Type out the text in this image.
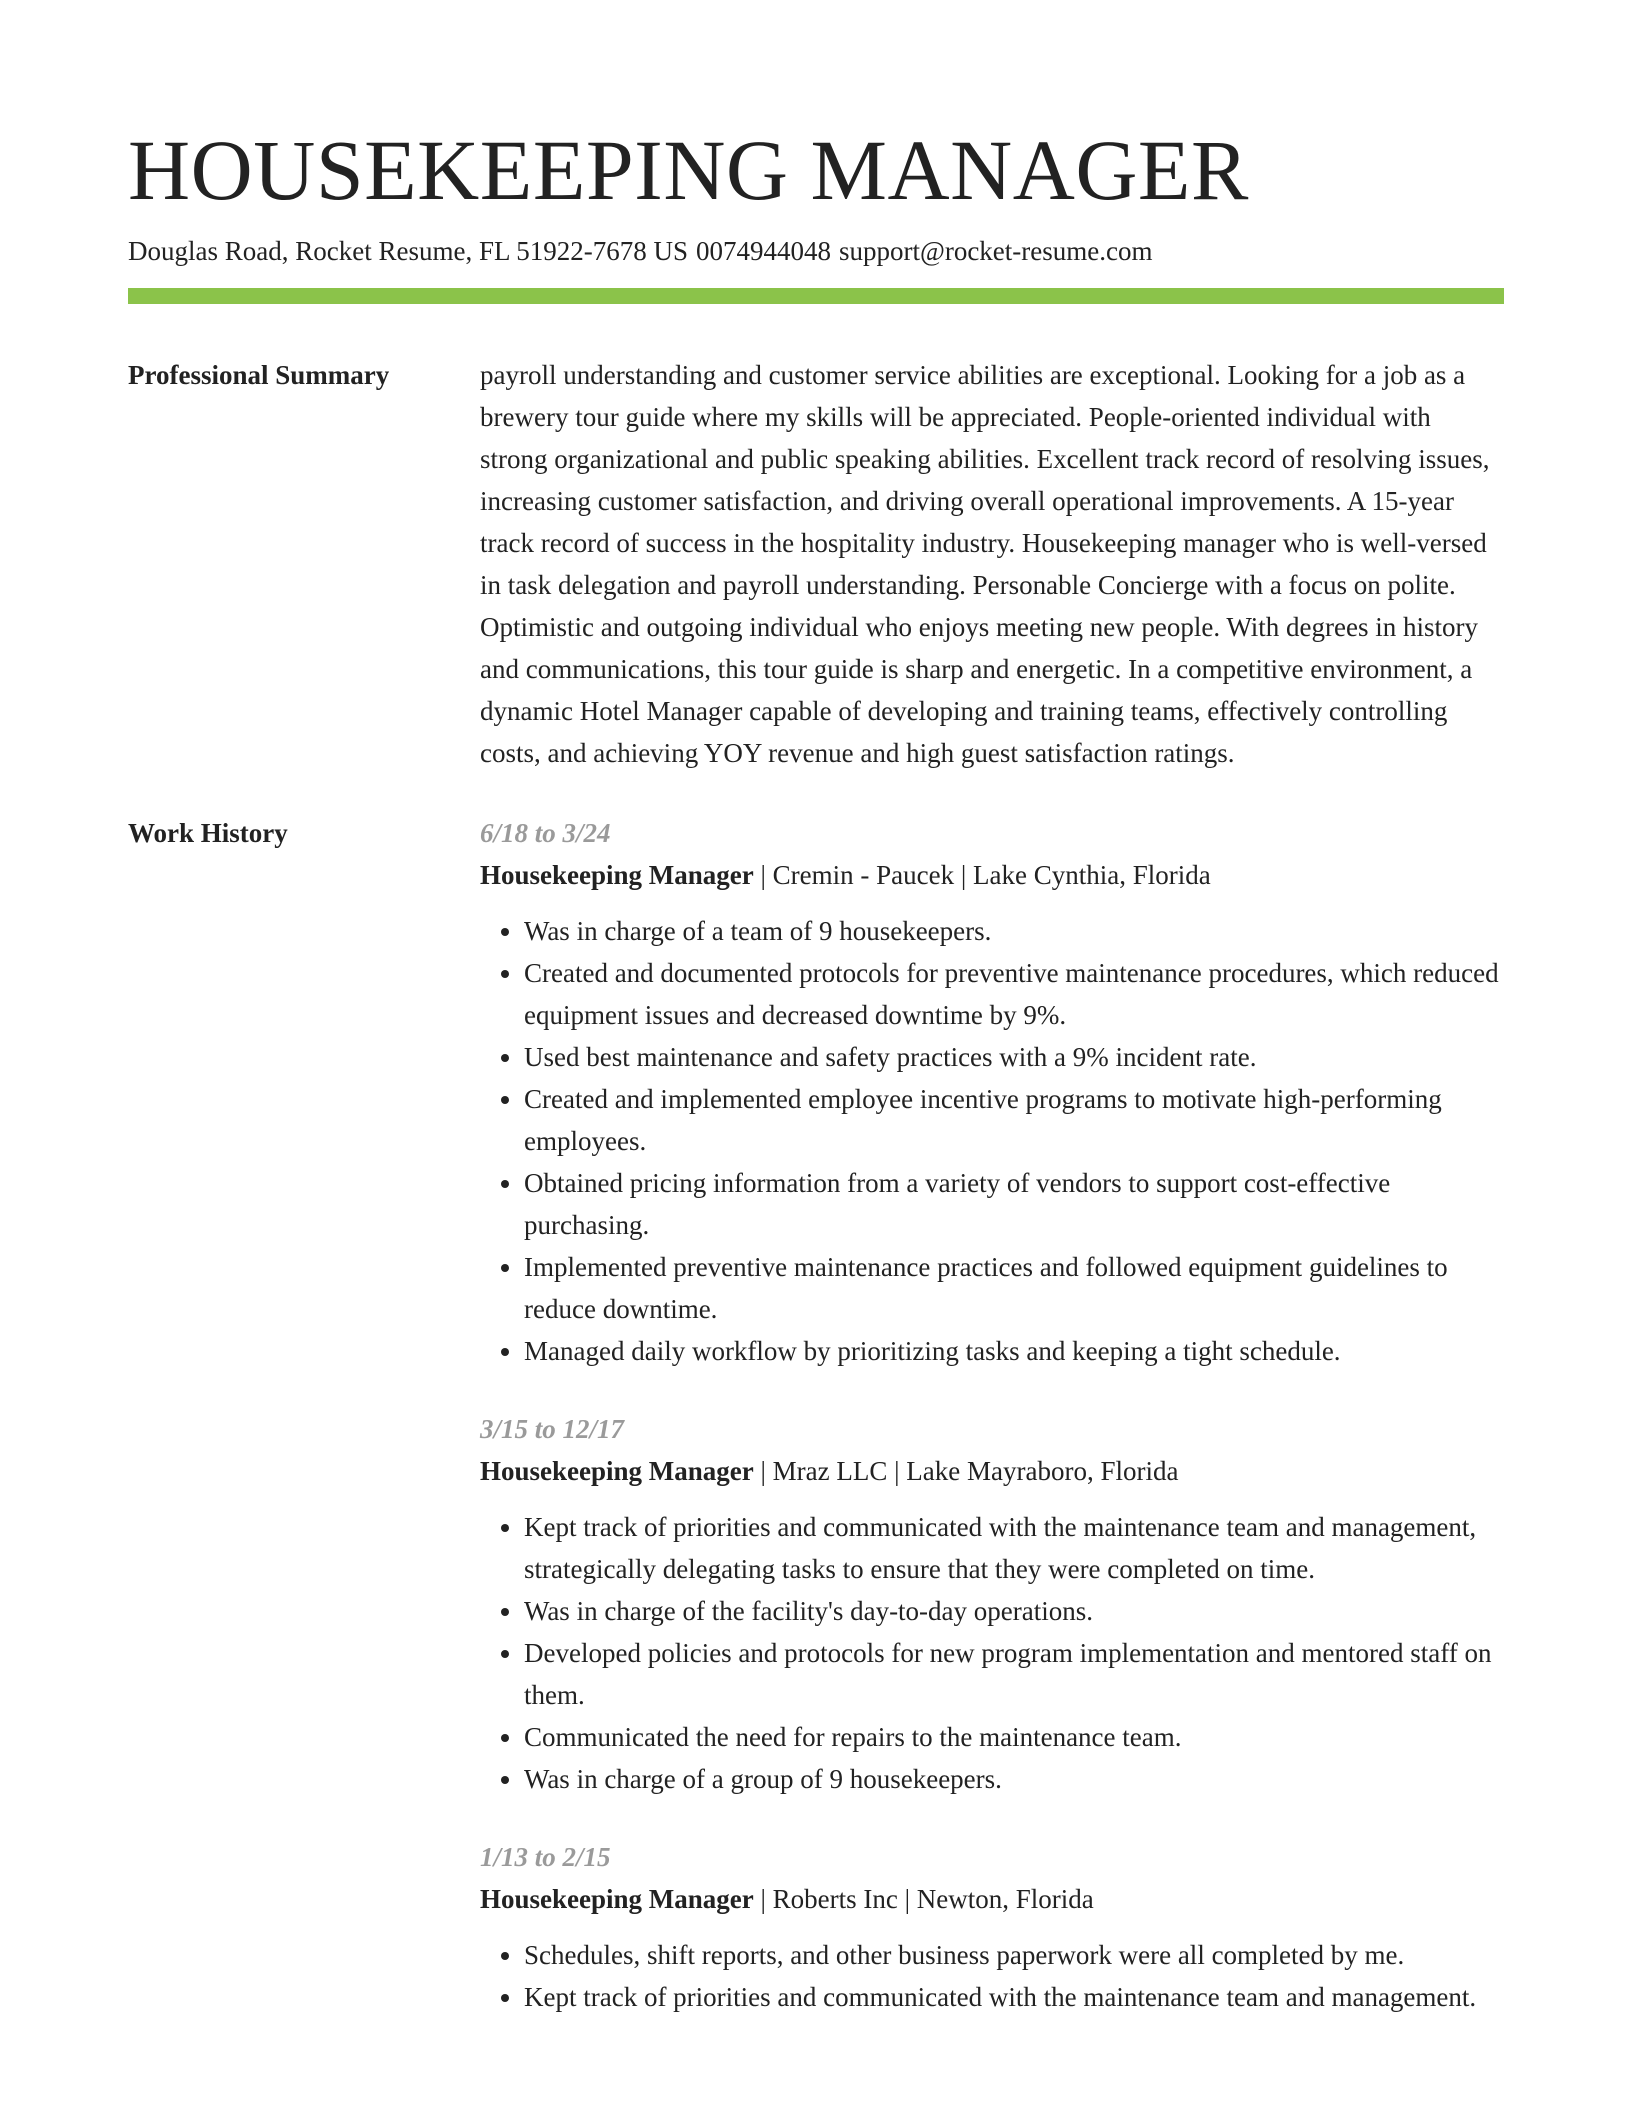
HOUSEKEEPING MANAGER
Douglas Road, Rocket Resume, FL 51922-7678 US 0074944048 support@rocket-resume.com
Professional Summary	payroll understanding and customer service abilities are exceptional. Looking for a job as a brewery tour guide where my skills will be appreciated. People-oriented individual with strong organizational and public speaking abilities. Excellent track record of resolving issues, increasing customer satisfaction, and driving overall operational improvements. A 15-year track record of success in the hospitality industry. Housekeeping manager who is well-versed in task delegation and payroll understanding. Personable Concierge with a focus on polite. Optimistic and outgoing individual who enjoys meeting new people. With degrees in history and communications, this tour guide is sharp and energetic. In a competitive environment, a dynamic Hotel Manager capable of developing and training teams, effectively controlling costs, and achieving YOY revenue and high guest satisfaction ratings.

Work History	6/18 to 3/24
Housekeeping Manager | Cremin - Paucek | Lake Cynthia, Florida
• Was in charge of a team of 9 housekeepers.
• Created and documented protocols for preventive maintenance procedures, which reduced equipment issues and decreased downtime by 9%.
• Used best maintenance and safety practices with a 9% incident rate.
• Created and implemented employee incentive programs to motivate high-performing employees.
• Obtained pricing information from a variety of vendors to support cost-effective purchasing.
• Implemented preventive maintenance practices and followed equipment guidelines to reduce downtime.
• Managed daily workflow by prioritizing tasks and keeping a tight schedule.
3/15 to 12/17
Housekeeping Manager | Mraz LLC | Lake Mayraboro, Florida
• Kept track of priorities and communicated with the maintenance team and management, strategically delegating tasks to ensure that they were completed on time.
• Was in charge of the facility's day-to-day operations.
• Developed policies and protocols for new program implementation and mentored staff on them.
• Communicated the need for repairs to the maintenance team.
• Was in charge of a group of 9 housekeepers.
1/13 to 2/15
Housekeeping Manager | Roberts Inc | Newton, Florida
• Schedules, shift reports, and other business paperwork were all completed by me.
• Kept track of priorities and communicated with the maintenance team and management.
